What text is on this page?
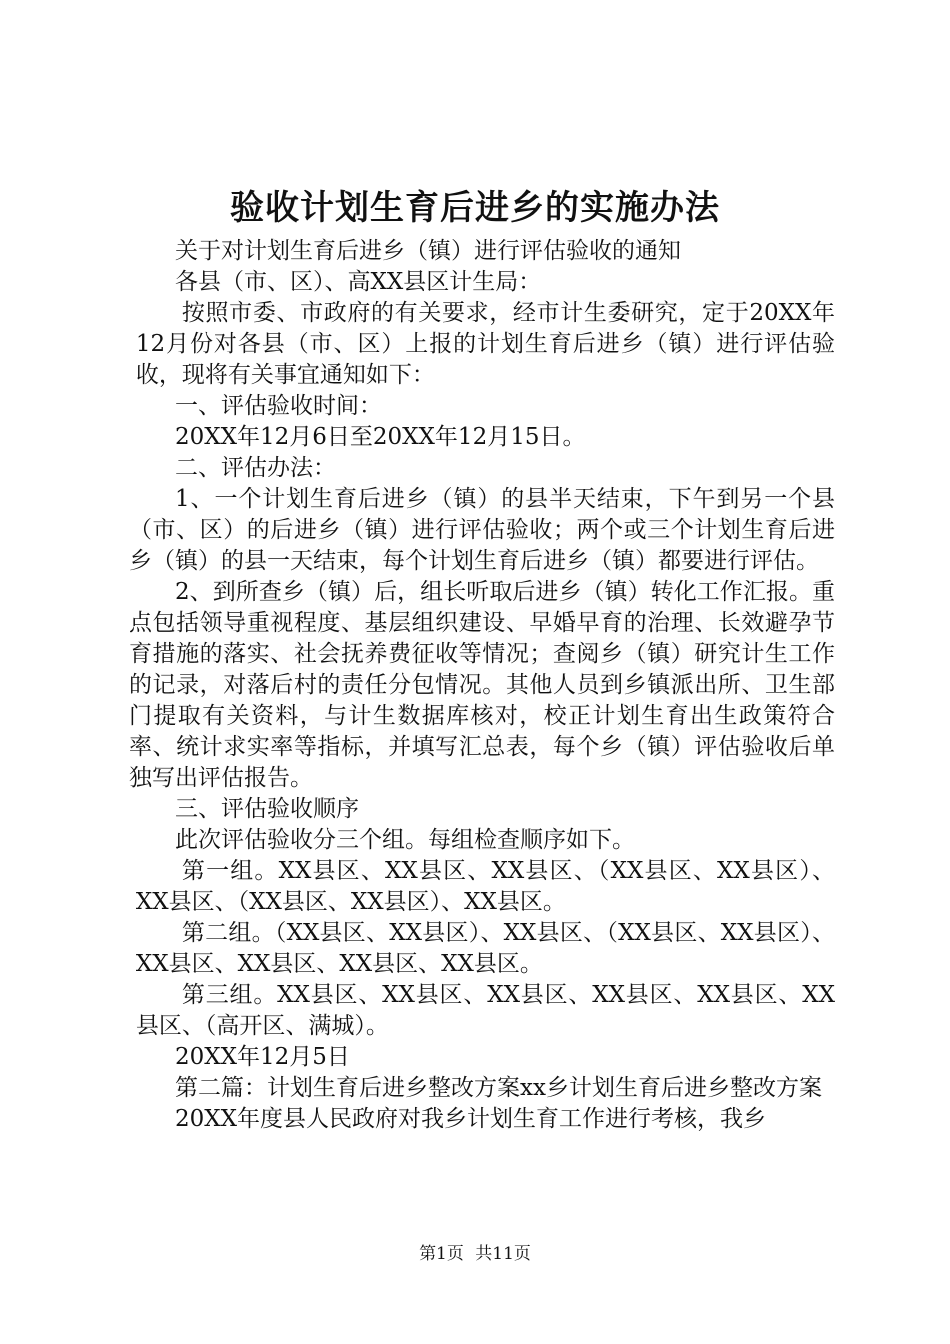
验收计划生育后进乡的实施办法

关于对计划生育后进乡（镇）进行评估验收的通知

各县（市、区）、高XX县区计生局：

按照市委、市政府的有关要求，经市计生委研究，定于20XX年12月份对各县（市、区）上报的计划生育后进乡（镇）进行评估验收，现将有关事宜通知如下：

一、评估验收时间：

20XX年12月6日至20XX年12月15日。

二、评估办法：

1、一个计划生育后进乡（镇）的县半天结束，下午到另一个县（市、区）的后进乡（镇）进行评估验收；两个或三个计划生育后进乡（镇）的县一天结束，每个计划生育后进乡（镇）都要进行评估。

2、到所查乡（镇）后，组长听取后进乡（镇）转化工作汇报。重点包括领导重视程度、基层组织建设、早婚早育的治理、长效避孕节育措施的落实、社会抚养费征收等情况；查阅乡（镇）研究计生工作的记录，对落后村的责任分包情况。其他人员到乡镇派出所、卫生部门提取有关资料，与计生数据库核对，校正计划生育出生政策符合率、统计求实率等指标，并填写汇总表，每个乡（镇）评估验收后单独写出评估报告。

三、评估验收顺序

此次评估验收分三个组。每组检查顺序如下。

第一组。XX县区、XX县区、XX县区、（XX县区、XX县区）、XX县区、（XX县区、XX县区）、XX县区。

第二组。（XX县区、XX县区）、XX县区、（XX县区、XX县区）、XX县区、XX县区、XX县区、XX县区。

第三组。XX县区、XX县区、XX县区、XX县区、XX县区、XX县区、（高开区、满城）。

20XX年12月5日

第二篇：计划生育后进乡整改方案xx乡计划生育后进乡整改方案

20XX年度县人民政府对我乡计划生育工作进行考核，我乡

第1页 共11页
